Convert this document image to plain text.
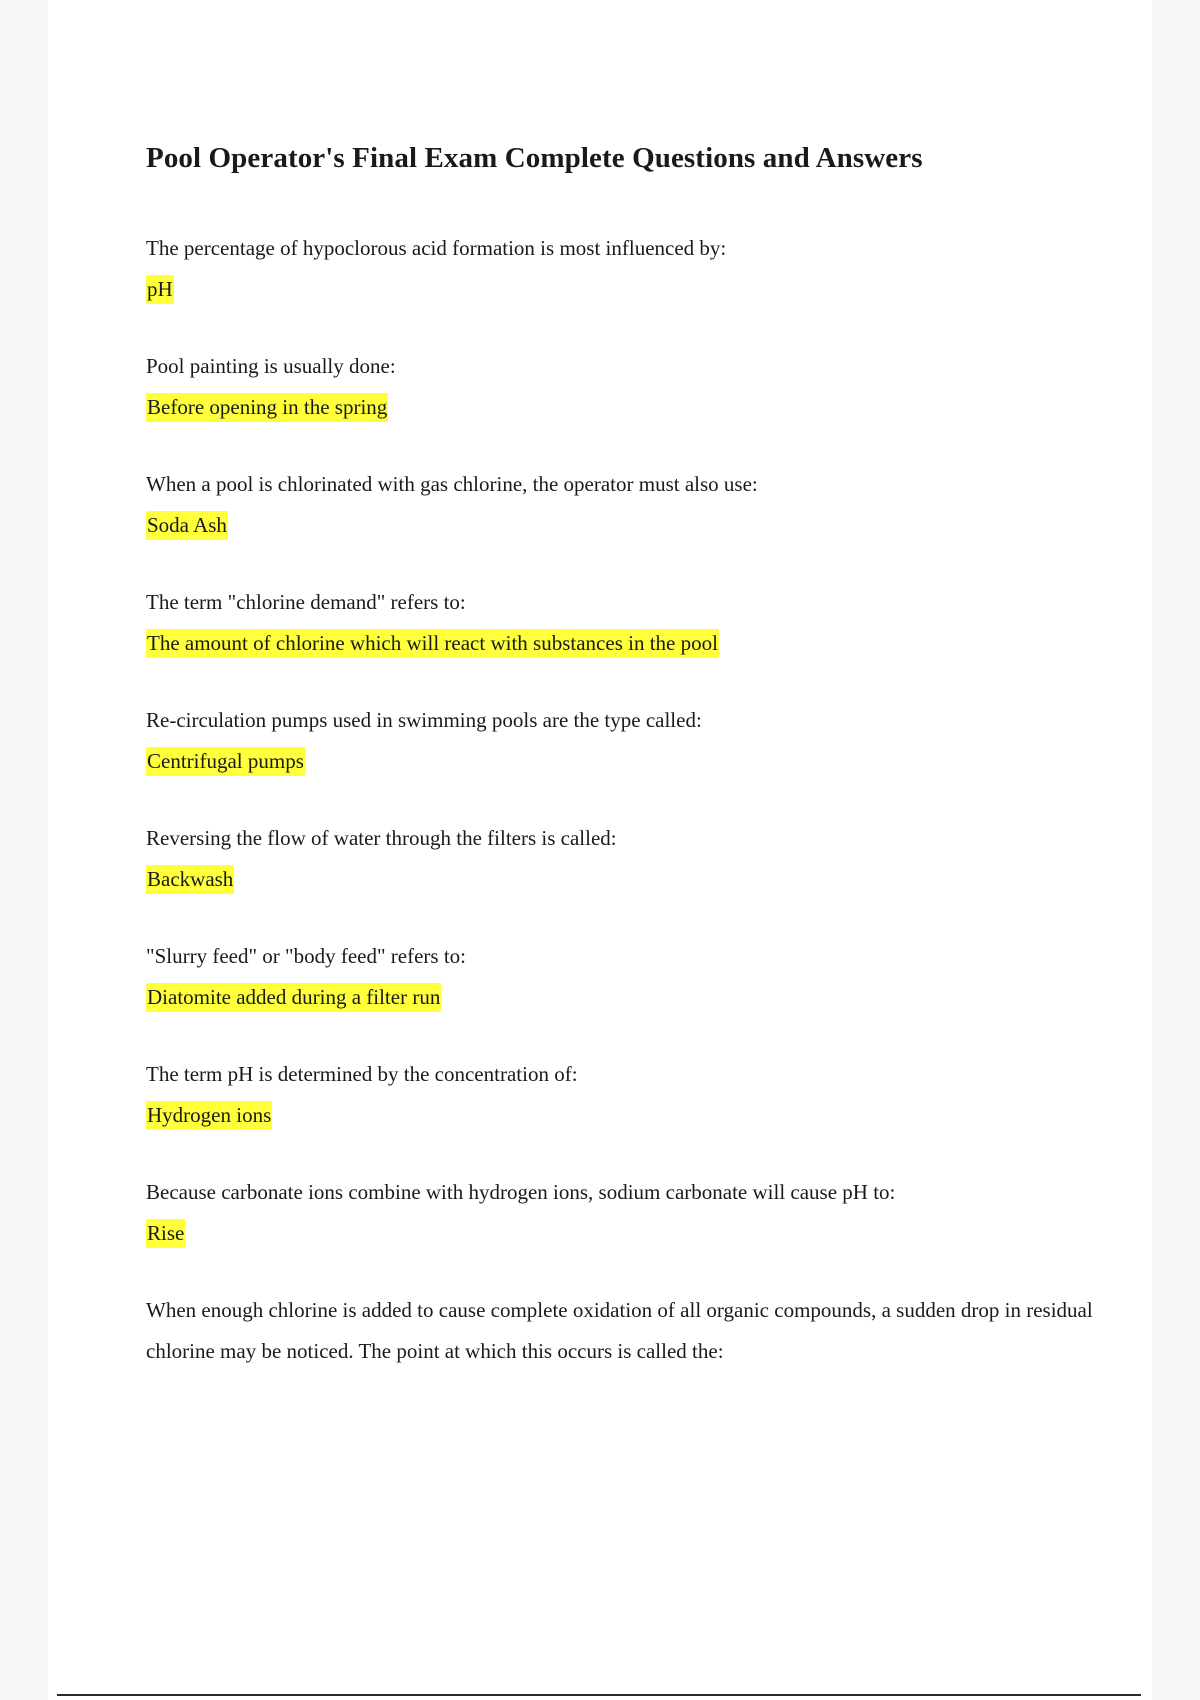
Pool Operator's Final Exam Complete Questions and Answers

The percentage of hypoclorous acid formation is most influenced by:

pH

Pool painting is usually done:

Before opening in the spring

When a pool is chlorinated with gas chlorine, the operator must also use:

Soda Ash

The term "chlorine demand" refers to:

The amount of chlorine which will react with substances in the pool

Re-circulation pumps used in swimming pools are the type called:

Centrifugal pumps

Reversing the flow of water through the filters is called:

Backwash

"Slurry feed" or "body feed" refers to:

Diatomite added during a filter run

The term pH is determined by the concentration of:

Hydrogen ions

Because carbonate ions combine with hydrogen ions, sodium carbonate will cause pH to:

Rise

When enough chlorine is added to cause complete oxidation of all organic compounds, a sudden drop in residual chlorine may be noticed. The point at which this occurs is called the:
